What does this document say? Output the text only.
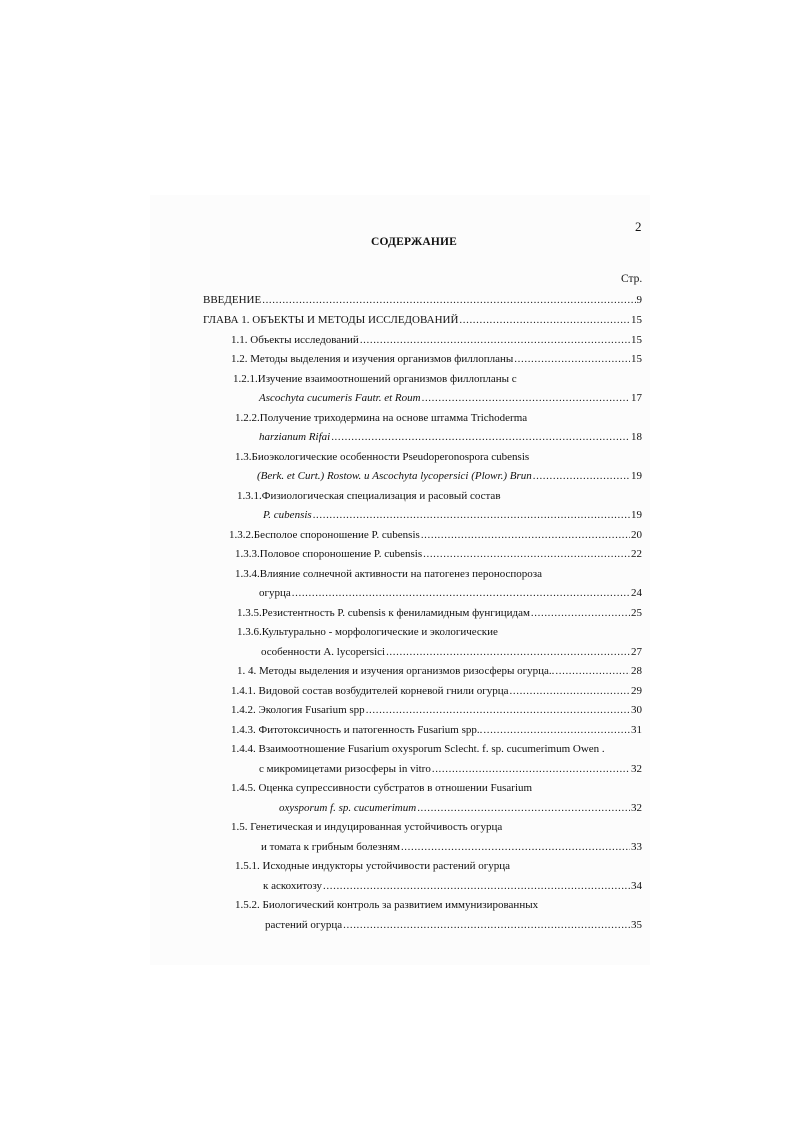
2
СОДЕРЖАНИЕ
Стр.
ВВЕДЕНИЕ .....	9
ГЛАВА 1. ОБЪЕКТЫ И МЕТОДЫ ИССЛЕДОВАНИЙ .....	15
1.1. Объекты исследований .....	15
1.2. Методы выделения и изучения организмов филлопланы .....	15
1.2.1.Изучение взаимоотношений организмов филлопланы с
Ascochyta cucumeris Fautr. et Roum .....	17
1.2.2.Получение триходермина на основе штамма Trichoderma
harzianum Rifai .....	18
1.3.Биоэкологические особенности Pseudoperonospora cubensis
(Berk. et Curt.) Rostow. и Ascochyta lycopersici (Plowr.) Brun .....	19
1.3.1.Физиологическая специализация и расовый состав
P. cubensis .....	19
1.3.2.Бесполое спороношение P. cubensis .....	20
1.3.3.Половое спороношение P. cubensis .....	22
1.3.4.Влияние солнечной активности на патогенез пероноспороза
огурца .....	24
1.3.5.Резистентность P. cubensis к фениламидным фунгицидам .....	25
1.3.6.Культурально - морфологические и экологические
особенности A. lycopersici .....	27
1. 4. Методы выделения и изучения организмов ризосферы огурца.. .....	28
1.4.1. Видовой состав возбудителей корневой гнили огурца .....	29
1.4.2. Экология Fusarium spp .....	30
1.4.3. Фитотоксичность и патогенность Fusarium spp.. .....	31
1.4.4. Взаимоотношение Fusarium oxysporum Sclecht. f. sp. cucumerimum Owen .
с микромицетами ризосферы in vitro .....	32
1.4.5. Оценка супрессивности субстратов в отношении Fusarium
oxysporum f. sp. cucumerimum .....	32
1.5. Генетическая и индуцированная устойчивость огурца
и томата к грибным болезням .....	33
1.5.1. Исходные индукторы устойчивости растений огурца
к аскохитозу .....	34
1.5.2. Биологический контроль за развитием иммунизированных
растений огурца .....	35
